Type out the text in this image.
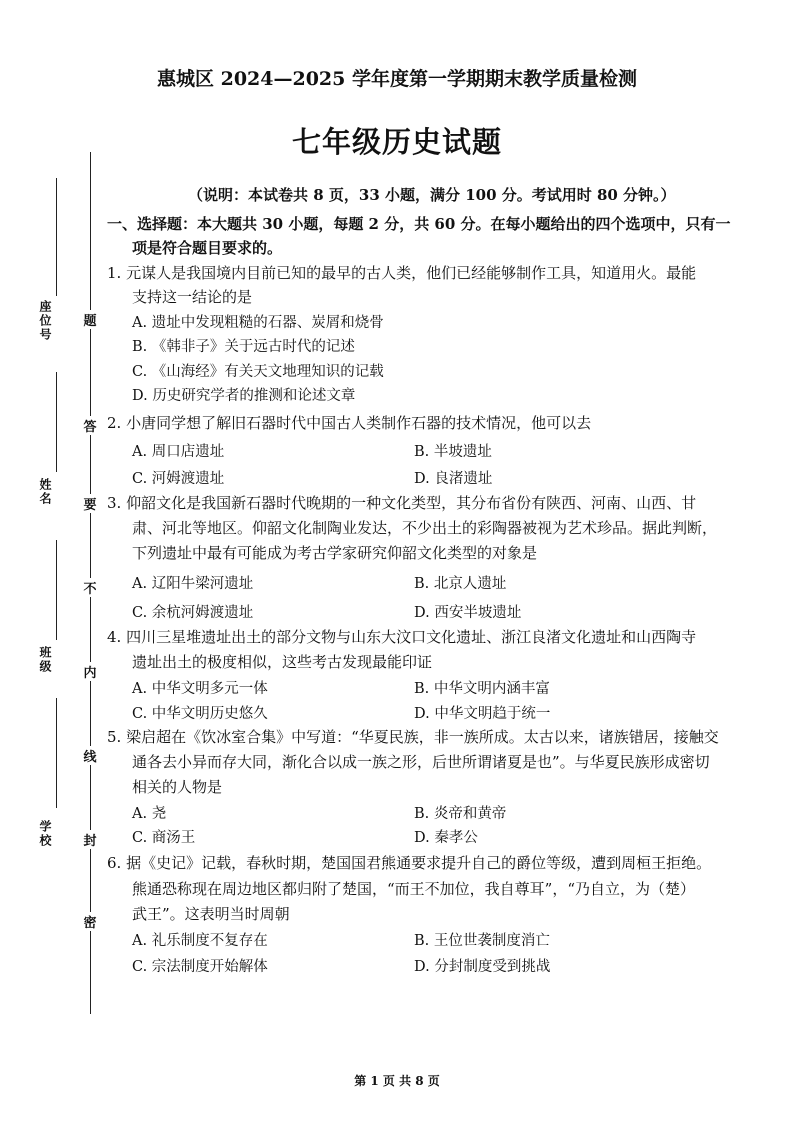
惠城区 2024—2025 学年度第一学期期末教学质量检测
七年级历史试题
（说明：本试卷共 8 页，33 小题，满分 100 分。考试用时 80 分钟。）
一、选择题：本大题共 30 小题，每题 2 分，共 60 分。在每小题给出的四个选项中，只有一
项是符合题目要求的。
1. 元谋人是我国境内目前已知的最早的古人类，他们已经能够制作工具，知道用火。最能
支持这一结论的是
A. 遗址中发现粗糙的石器、炭屑和烧骨
B. 《韩非子》关于远古时代的记述
C. 《山海经》有关天文地理知识的记载
D. 历史研究学者的推测和论述文章
2. 小唐同学想了解旧石器时代中国古人类制作石器的技术情况，他可以去
A. 周口店遗址	B. 半坡遗址
C. 河姆渡遗址	D. 良渚遗址
3. 仰韶文化是我国新石器时代晚期的一种文化类型，其分布省份有陕西、河南、山西、甘
肃、河北等地区。仰韶文化制陶业发达，不少出土的彩陶器被视为艺术珍品。据此判断，
下列遗址中最有可能成为考古学家研究仰韶文化类型的对象是
A. 辽阳牛梁河遗址	B. 北京人遗址
C. 余杭河姆渡遗址	D. 西安半坡遗址
4. 四川三星堆遗址出土的部分文物与山东大汶口文化遗址、浙江良渚文化遗址和山西陶寺
遗址出土的极度相似，这些考古发现最能印证
A. 中华文明多元一体	B. 中华文明内涵丰富
C. 中华文明历史悠久	D. 中华文明趋于统一
5. 梁启超在《饮冰室合集》中写道：“华夏民族，非一族所成。太古以来，诸族错居，接触交
通各去小异而存大同，渐化合以成一族之形，后世所谓诸夏是也”。与华夏民族形成密切
相关的人物是
A. 尧	B. 炎帝和黄帝
C. 商汤王	D. 秦孝公
6. 据《史记》记载，春秋时期，楚国国君熊通要求提升自己的爵位等级，遭到周桓王拒绝。
熊通恐称现在周边地区都归附了楚国，“而王不加位，我自尊耳”，“乃自立，为（楚）
武王”。这表明当时周朝
A. 礼乐制度不复存在	B. 王位世袭制度消亡
C. 宗法制度开始解体	D. 分封制度受到挑战
座位号
姓名
班级
学校
题
答
要
不
内
线
封
密
第 1 页 共 8 页
